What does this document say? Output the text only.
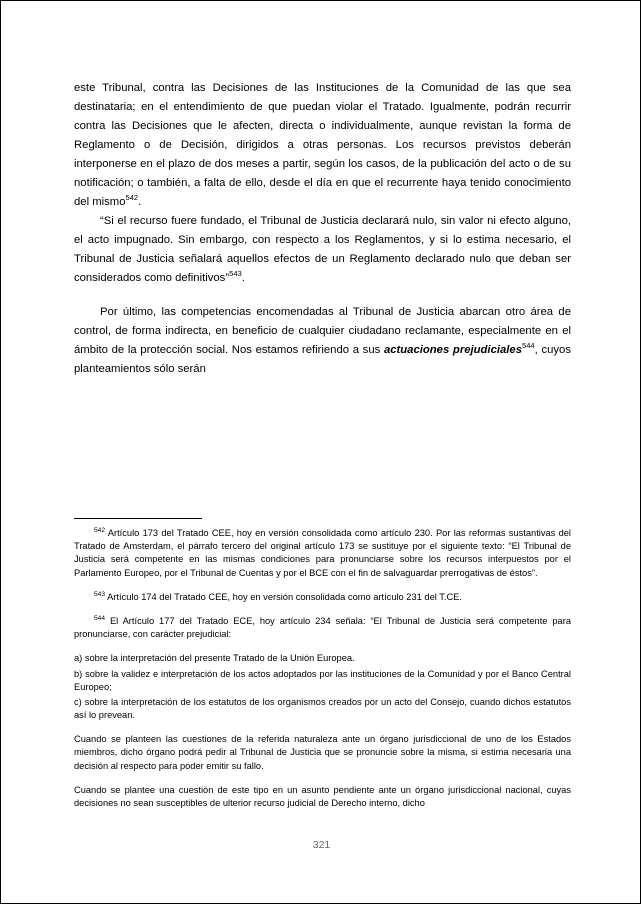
este Tribunal, contra las Decisiones de las Instituciones de la Comunidad de las que sea destinataria; en el entendimiento de que puedan violar el Tratado. Igualmente, podrán recurrir contra las Decisiones que le afecten, directa o individualmente, aunque revistan la forma de Reglamento o de Decisión, dirigidos a otras personas. Los recursos previstos deberán interponerse en el plazo de dos meses a partir, según los casos, de la publicación del acto o de su notificación; o también, a falta de ello, desde el día en que el recurrente haya tenido conocimiento del mismo$^{542}$.

“Si el recurso fuere fundado, el Tribunal de Justicia declarará nulo, sin valor ni efecto alguno, el acto impugnado. Sin embargo, con respecto a los Reglamentos, y si lo estima necesario, el Tribunal de Justicia señalará aquellos efectos de un Reglamento declarado nulo que deban ser considerados como definitivos”$^{543}$.

Por último, las competencias encomendadas al Tribunal de Justicia abarcan otro área de control, de forma indirecta, en beneficio de cualquier ciudadano reclamante, especialmente en el ámbito de la protección social. Nos estamos refiriendo a sus actuaciones prejudiciales$^{544}$, cuyos planteamientos sólo serán

$^{542}$ Artículo 173 del Tratado CEE, hoy en versión consolidada como artículo 230. Por las reformas sustantivas del Tratado de Amsterdam, el párrafo tercero del original artículo 173 se sustituye por el siguiente texto: “El Tribunal de Justicia será competente en las mismas condiciones para pronunciarse sobre los recursos interpuestos por el Parlamento Europeo, por el Tribunal de Cuentas y por el BCE con el fin de salvaguardar prerrogativas de éstos”.

$^{543}$ Artículo 174 del Tratado CEE, hoy en versión consolidada como artículo 231 del T.CE.

$^{544}$ El Artículo 177 del Tratado ECE, hoy artículo 234 señala: “El Tribunal de Justicia será competente para pronunciarse, con carácter prejudicial:

a) sobre la interpretación del presente Tratado de la Unión Europea.

b) sobre la validez e interpretación de los actos adoptados por las instituciones de la Comunidad y por el Banco Central Europeo;

c) sobre la interpretación de los estatutos de los organismos creados por un acto del Consejo, cuando dichos estatutos así lo prevean.

Cuando se planteen las cuestiones de la referida naturaleza ante un órgano jurisdiccional de uno de los Estados miembros, dicho órgano podrá pedir al Tribunal de Justicia que se pronuncie sobre la misma, si estima necesaria una decisión al respecto para poder emitir su fallo.

Cuando se plantee una cuestión de este tipo en un asunto pendiente ante un órgano jurisdiccional nacional, cuyas decisiones no sean susceptibles de ulterior recurso judicial de Derecho interno, dicho

321
